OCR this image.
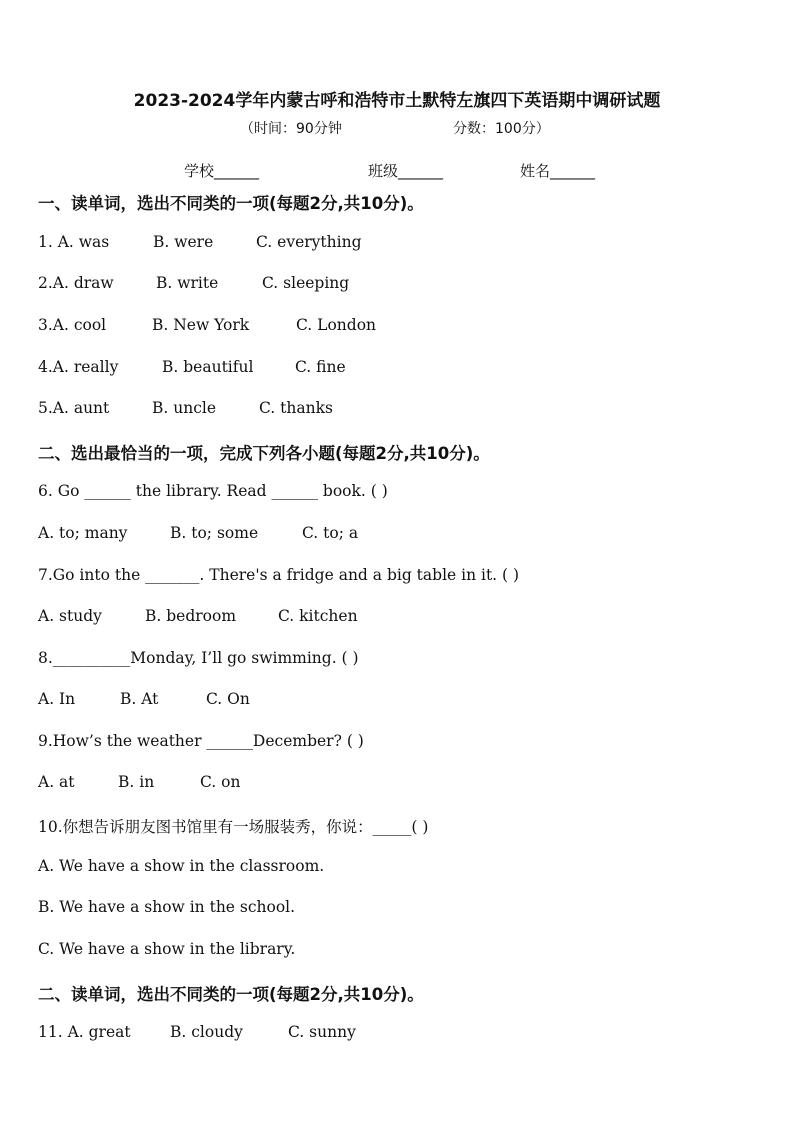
2023-2024学年内蒙古呼和浩特市土默特左旗四下英语期中调研试题
（时间：90分钟	分数：100分）
学校______	班级______	姓名______
一、读单词，选出不同类的一项(每题2分,共10分)。
1. A. was	B. were	C. everything
2.A. draw	B. write	C. sleeping
3.A. cool	B. New York	C. London
4.A. really	B. beautiful	C. fine
5.A. aunt	B. uncle	C. thanks
二、选出最恰当的一项，完成下列各小题(每题2分,共10分)。
6. Go ______ the library. Read ______ book. ( )
A. to; many	B. to; some	C. to; a
7.Go into the _______. There's a fridge and a big table in it. ( )
A. study	B. bedroom	C. kitchen
8.__________Monday, I’ll go swimming. ( )
A. In	B. At	C. On
9.How’s the weather ______December? ( )
A. at	B. in	C. on
10.你想告诉朋友图书馆里有一场服装秀，你说：_____( )
A. We have a show in the classroom.
B. We have a show in the school.
C. We have a show in the library.
二、读单词，选出不同类的一项(每题2分,共10分)。
11. A. great	B. cloudy	C. sunny
